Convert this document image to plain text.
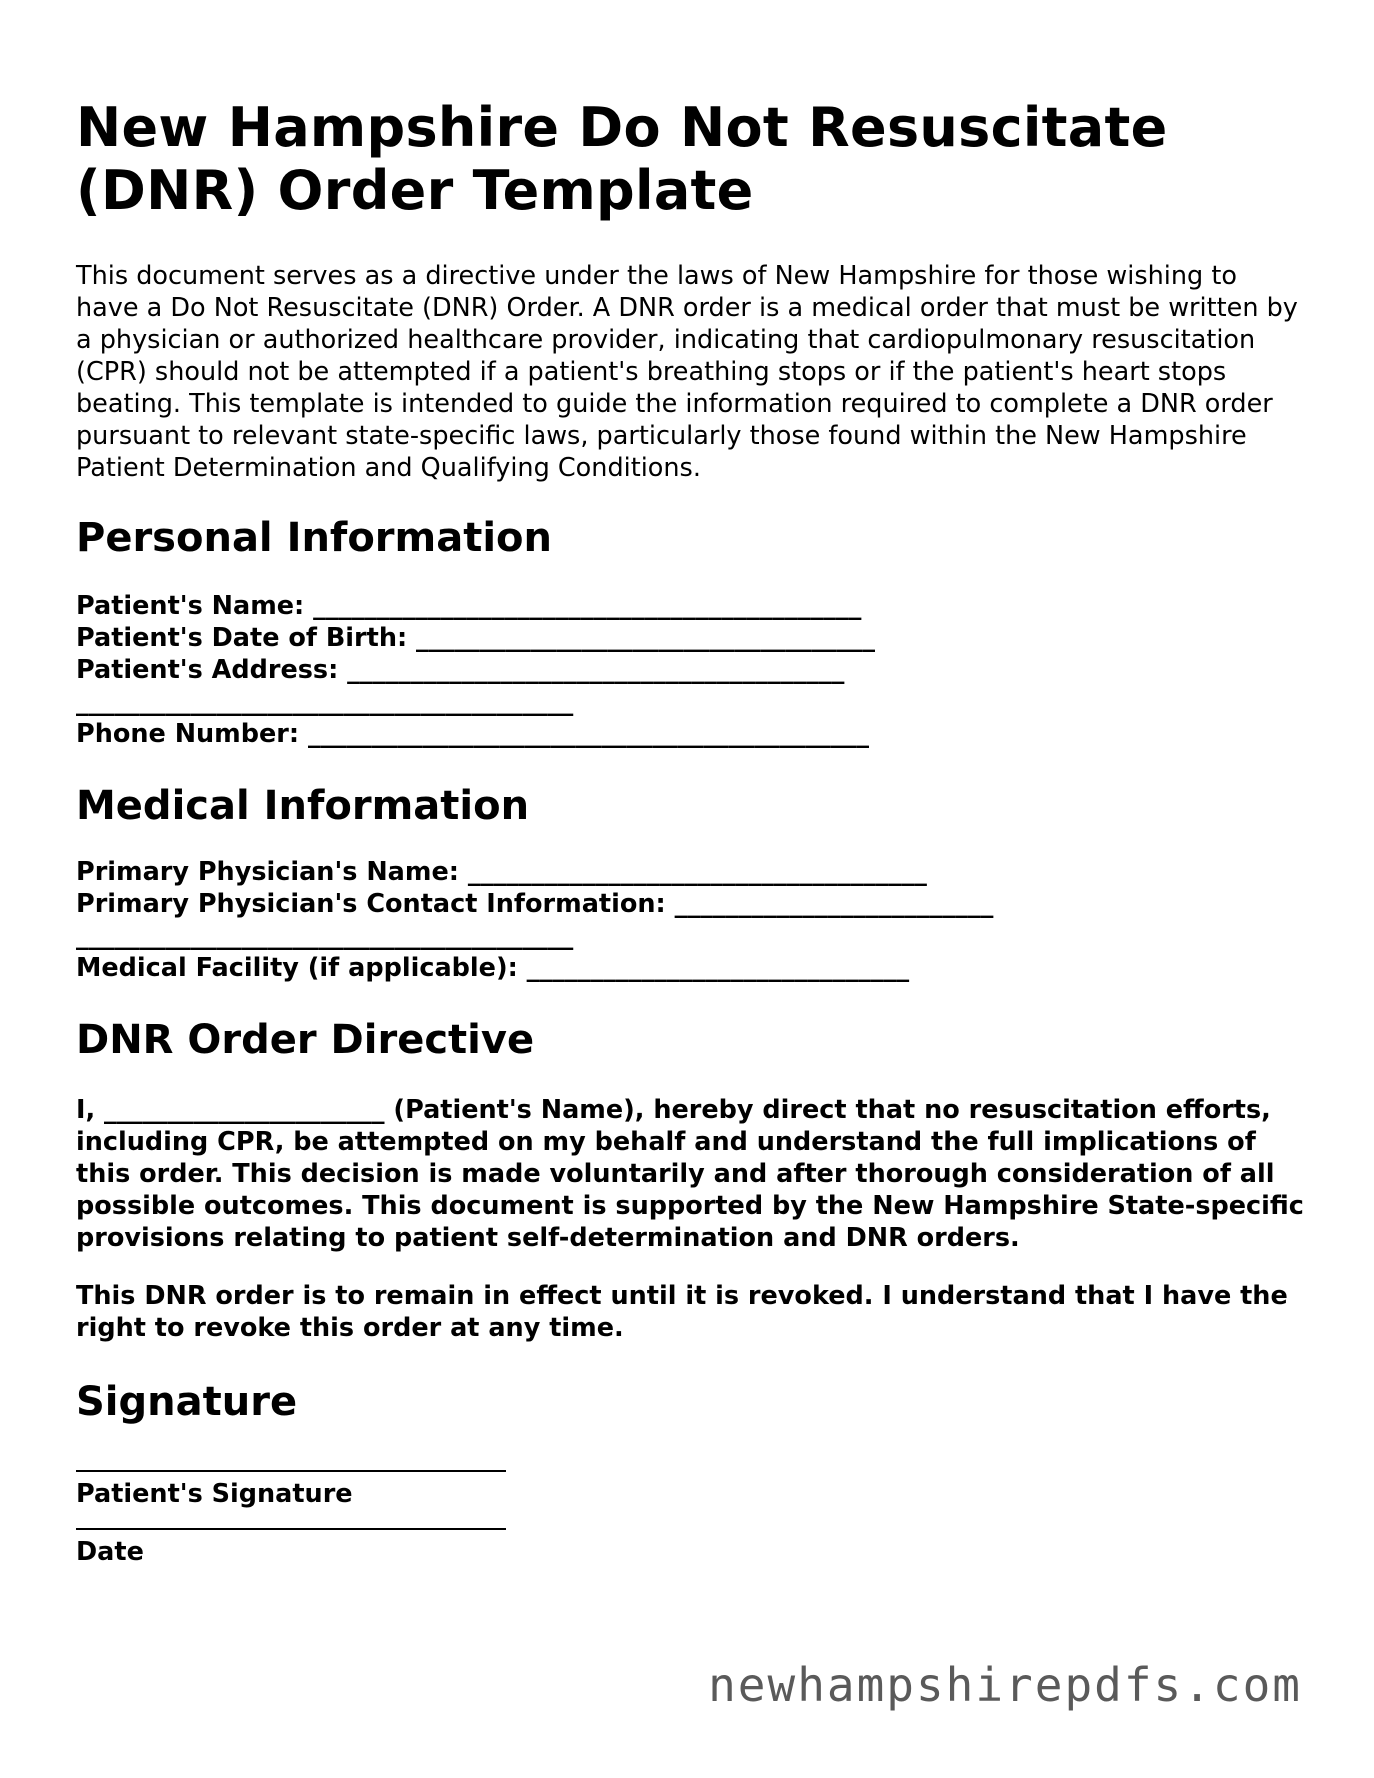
New Hampshire Do Not Resuscitate (DNR) Order Template

This document serves as a directive under the laws of New Hampshire for those wishing to have a Do Not Resuscitate (DNR) Order. A DNR order is a medical order that must be written by a physician or authorized healthcare provider, indicating that cardiopulmonary resuscitation (CPR) should not be attempted if a patient's breathing stops or if the patient's heart stops beating. This template is intended to guide the information required to complete a DNR order pursuant to relevant state-specific laws, particularly those found within the New Hampshire Patient Determination and Qualifying Conditions.

Personal Information
Patient's Name: ___________________________________________
Patient's Date of Birth: ____________________________________
Patient's Address: _______________________________________
_______________________________________
Phone Number: ____________________________________________
Medical Information
Primary Physician's Name: ____________________________________
Primary Physician's Contact Information: _________________________
_______________________________________
Medical Facility (if applicable): ______________________________
DNR Order Directive

I, ______________________ (Patient's Name), hereby direct that no resuscitation efforts, including CPR, be attempted on my behalf and understand the full implications of this order. This decision is made voluntarily and after thorough consideration of all possible outcomes. This document is supported by the New Hampshire State-specific provisions relating to patient self-determination and DNR orders.

This DNR order is to remain in effect until it is revoked. I understand that I have the right to revoke this order at any time.

Signature
Patient's Signature
Date
newhampshirepdfs.com
